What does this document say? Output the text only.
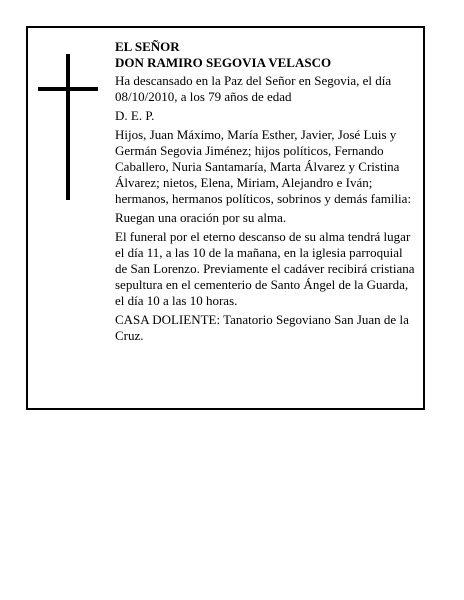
EL SEÑOR

DON RAMIRO SEGOVIA VELASCO

Ha descansado en la Paz del Señor en Segovia, el día 08/10/2010, a los 79 años de edad

D. E. P.

Hijos, Juan Máximo, María Esther, Javier, José Luis y Germán Segovia Jiménez; hijos políticos, Fernando Caballero, Nuria Santamaría, Marta Álvarez y Cristina Álvarez; nietos, Elena, Miriam, Alejandro e Iván; hermanos, hermanos políticos, sobrinos y demás familia:

Ruegan una oración por su alma.

El funeral por el eterno descanso de su alma tendrá lugar el día 11, a las 10 de la mañana, en la iglesia parroquial de San Lorenzo. Previamente el cadáver recibirá cristiana sepultura en el cementerio de Santo Ángel de la Guarda, el día 10 a las 10 horas.

CASA DOLIENTE: Tanatorio Segoviano San Juan de la Cruz.
